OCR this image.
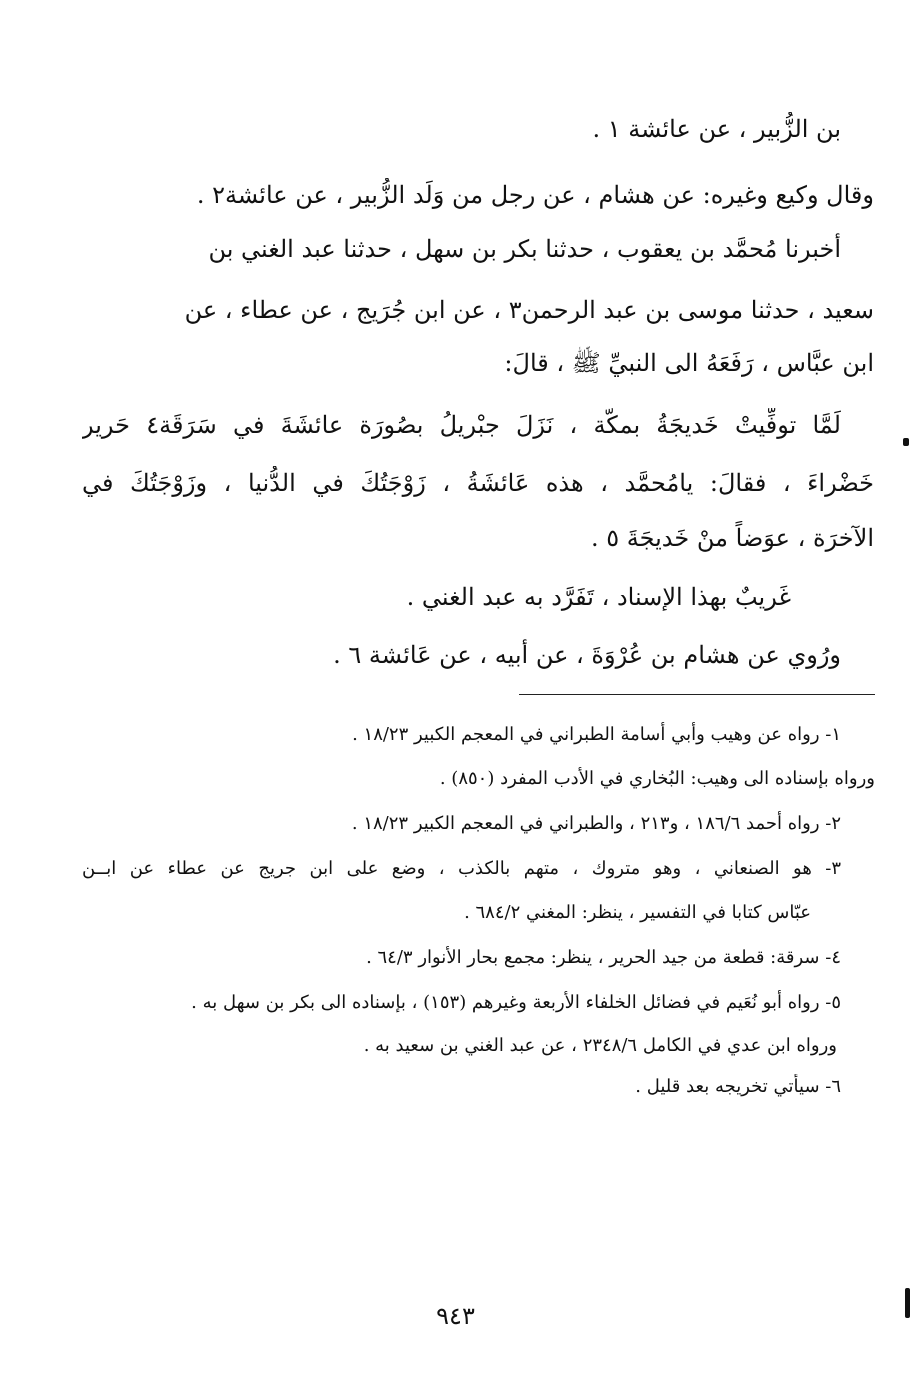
بن الزُّبير ، عن عائشة ١ .
وقال وكيع وغيره: عن هشام ، عن رجل من وَلَد الزُّبير ، عن عائشة٢ .
أخبرنا مُحمَّد بن يعقوب ، حدثنا بكر بن سهل ، حدثنا عبد الغني بن
سعيد ، حدثنا موسى بن عبد الرحمن٣ ، عن ابن جُرَيج ، عن عطاء ، عن
ابن عبَّاس ، رَفَعَهُ الى النبيِّ ﷺ ، قالَ:
لَمَّا توفِّيتْ خَديجَةُ بمكّة ، نَزَلَ جبْريلُ بصُورَة عائشَةَ في سَرَقَة٤ حَرير
خَضْراءَ ، فقالَ: يامُحمَّد ، هذه عَائشَةُ ، زَوْجَتُكَ في الدُّنيا ، وزَوْجَتُكَ في
الآخرَة ، عوَضاً منْ خَديجَةَ ٥ .
غَريبٌ بهذا الإسناد ، تَفَرَّد به عبد الغني .
ورُوي عن هشام بن عُرْوَةَ ، عن أبيه ، عن عَائشة ٦ .
١- رواه عن وهيب وأبي أسامة الطبراني في المعجم الكبير ١٨/٢٣ .
ورواه بإسناده الى وهيب: البُخاري في الأدب المفرد (٨٥٠) .
٢- رواه أحمد ١٨٦/٦ ، و٢١٣ ، والطبراني في المعجم الكبير ١٨/٢٣ .
٣- هو الصنعاني ، وهو متروك ، متهم بالكذب ، وضع على ابن جريج عن عطاء عن ابــن
عبّاس كتابا في التفسير ، ينظر: المغني ٦٨٤/٢ .
٤- سرقة: قطعة من جيد الحرير ، ينظر: مجمع بحار الأنوار ٦٤/٣ .
٥- رواه أبو نُعَيم في فضائل الخلفاء الأربعة وغيرهم (١٥٣) ، بإسناده الى بكر بن سهل به .
ورواه ابن عدي في الكامل ٢٣٤٨/٦ ، عن عبد الغني بن سعيد به .
٦- سيأتي تخريجه بعد قليل .
٩٤٣
